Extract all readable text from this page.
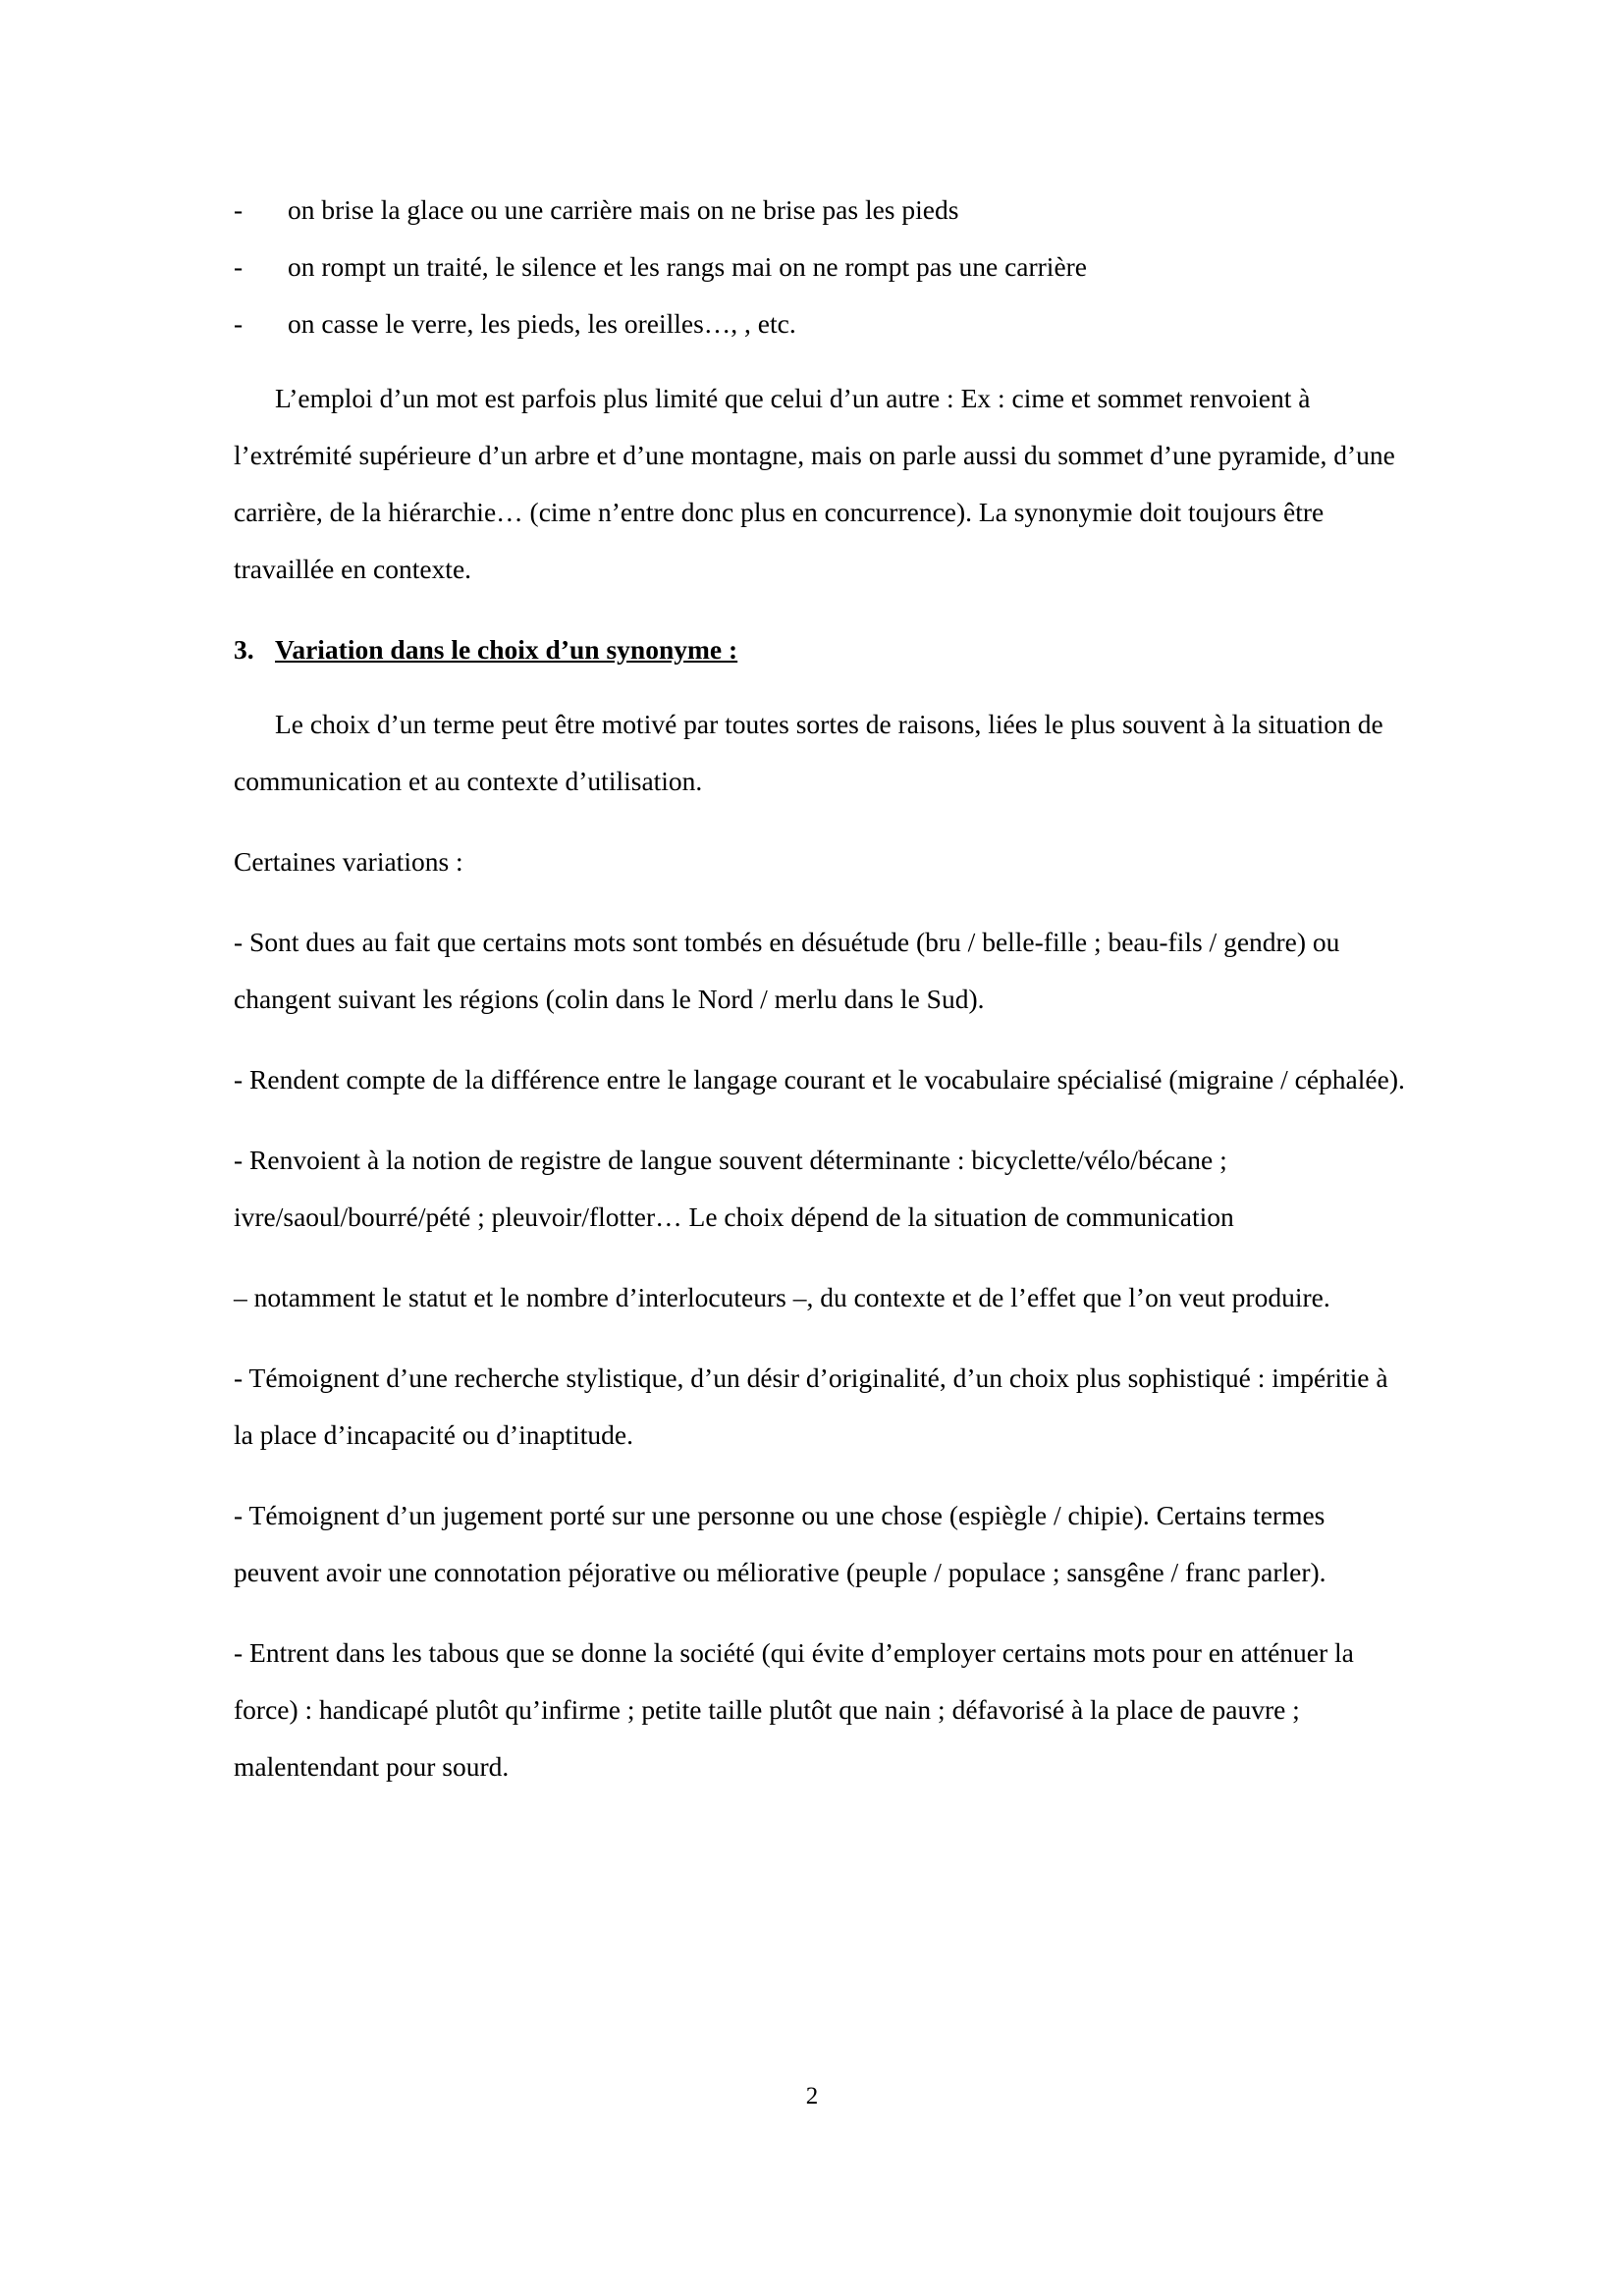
-	on brise la glace ou une carrière mais on ne brise pas les pieds
-	on rompt un traité, le silence et les rangs mai on ne rompt pas une carrière
-	on casse le verre, les pieds, les oreilles…, , etc.

L’emploi d’un mot est parfois plus limité que celui d’un autre : Ex : cime et sommet renvoient à l’extrémité supérieure d’un arbre et d’une montagne, mais on parle aussi du sommet d’une pyramide, d’une carrière, de la hiérarchie… (cime n’entre donc plus en concurrence). La synonymie doit toujours être travaillée en contexte.

3. Variation dans le choix d’un synonyme :

Le choix d’un terme peut être motivé par toutes sortes de raisons, liées le plus souvent à la situation de communication et au contexte d’utilisation.

Certaines variations :

- Sont dues au fait que certains mots sont tombés en désuétude (bru / belle-fille ; beau-fils / gendre) ou changent suivant les régions (colin dans le Nord / merlu dans le Sud).

- Rendent compte de la différence entre le langage courant et le vocabulaire spécialisé (migraine / céphalée).

- Renvoient à la notion de registre de langue souvent déterminante : bicyclette/vélo/bécane ; ivre/saoul/bourré/pété ; pleuvoir/flotter… Le choix dépend de la situation de communication

– notamment le statut et le nombre d’interlocuteurs –, du contexte et de l’effet que l’on veut produire.

- Témoignent d’une recherche stylistique, d’un désir d’originalité, d’un choix plus sophistiqué : impéritie à la place d’incapacité ou d’inaptitude.

- Témoignent d’un jugement porté sur une personne ou une chose (espiègle / chipie). Certains termes peuvent avoir une connotation péjorative ou méliorative (peuple / populace ; sansgêne / franc parler).

- Entrent dans les tabous que se donne la société (qui évite d’employer certains mots pour en atténuer la force) : handicapé plutôt qu’infirme ; petite taille plutôt que nain ; défavorisé à la place de pauvre ; malentendant pour sourd.

2
